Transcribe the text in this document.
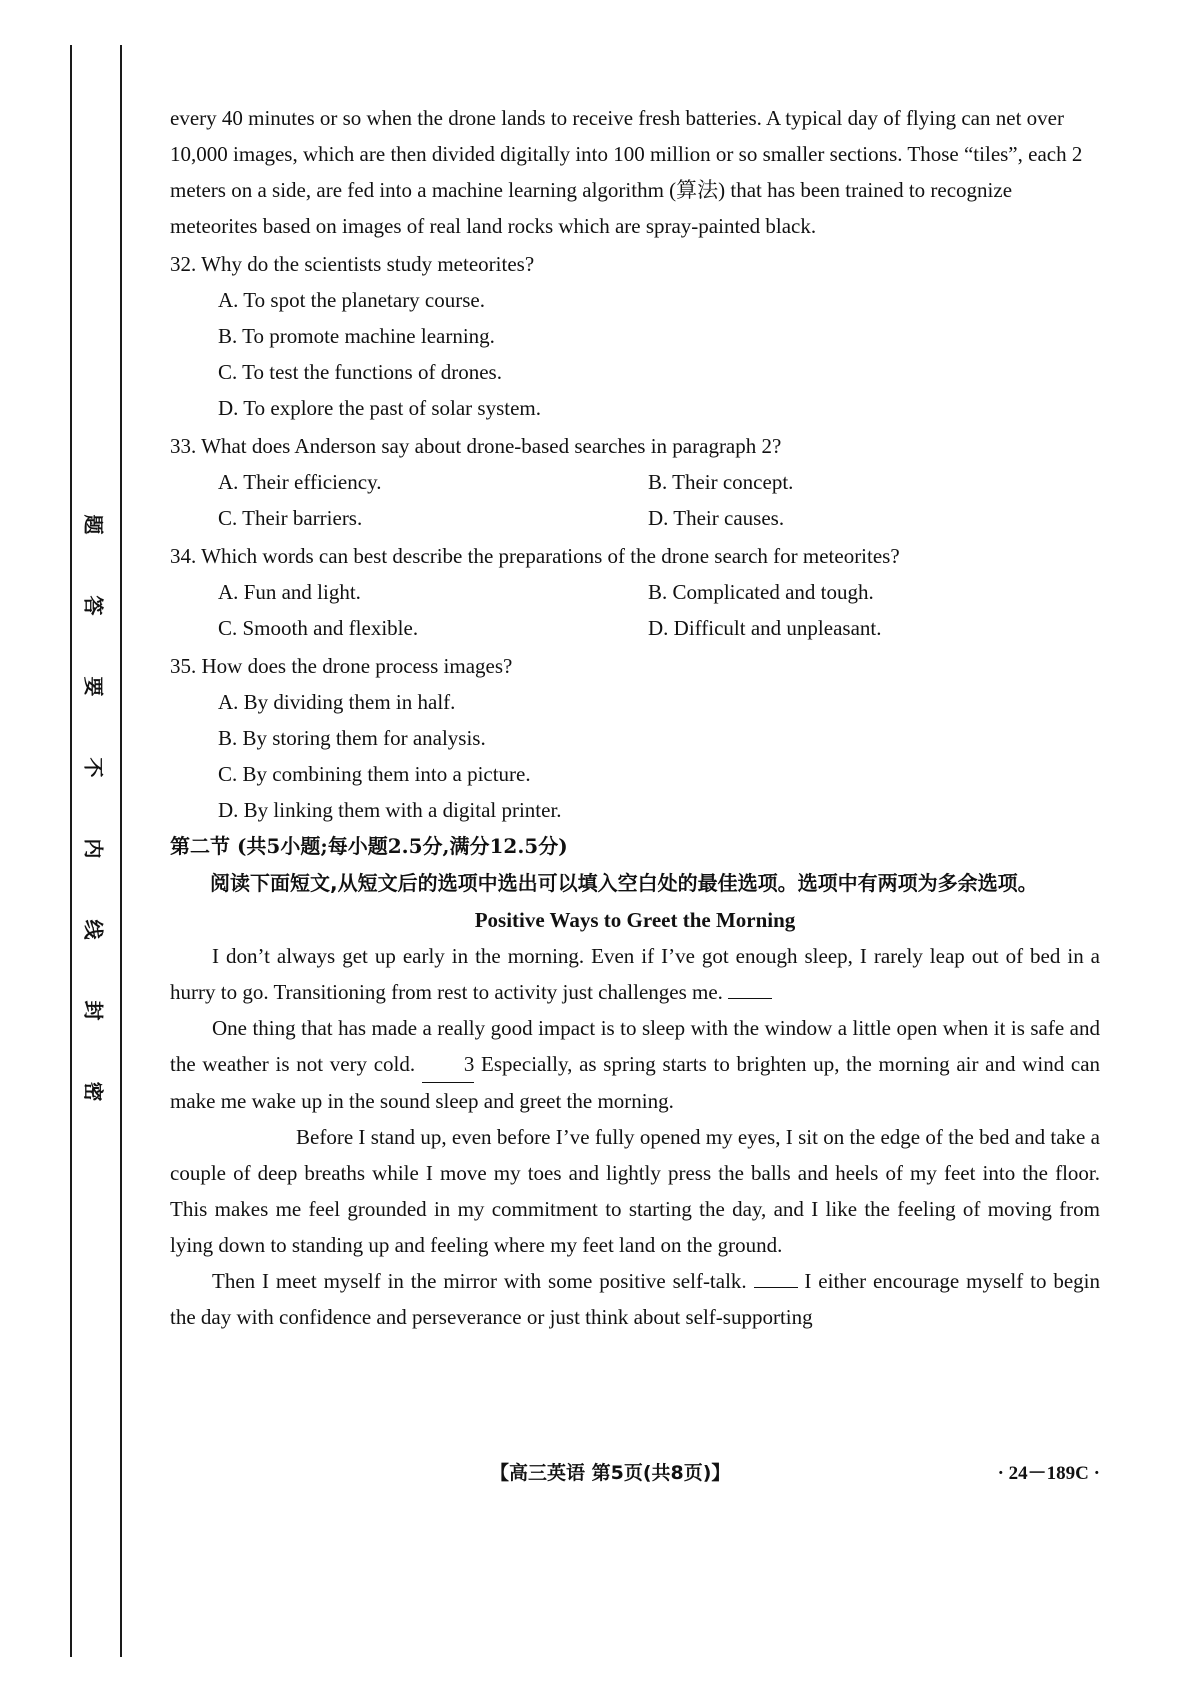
题
答
要
不
内
线
封
密

every 40 minutes or so when the drone lands to receive fresh batteries. A typical day of flying can net over 10,000 images, which are then divided digitally into 100 million or so smaller sections. Those “tiles”, each 2 meters on a side, are fed into a machine learning algorithm (算法) that has been trained to recognize meteorites based on images of real land rocks which are spray-painted black.

32. Why do the scientists study meteorites?

A. To spot the planetary course.
B. To promote machine learning.
C. To test the functions of drones.
D. To explore the past of solar system.

33. What does Anderson say about drone-based searches in paragraph 2?

A. Their efficiency.	B. Their concept.
C. Their barriers.	D. Their causes.

34. Which words can best describe the preparations of the drone search for meteorites?

A. Fun and light.	B. Complicated and tough.
C. Smooth and flexible.	D. Difficult and unpleasant.

35. How does the drone process images?

A. By dividing them in half.
B. By storing them for analysis.
C. By combining them into a picture.
D. By linking them with a digital printer.

第二节 (共5小题;每小题2.5分,满分12.5分)

阅读下面短文,从短文后的选项中选出可以填入空白处的最佳选项。选项中有两项为多余选项。

Positive Ways to Greet the Morning

I don’t always get up early in the morning. Even if I’ve got enough sleep, I rarely leap out of bed in a hurry to go. Transitioning from rest to activity just challenges me.

One thing that has made a really good impact is to sleep with the window a little open when it is safe and the weather is not very cold. 3 Especially, as spring starts to brighten up, the morning air and wind can make me wake up in the sound sleep and greet the morning.

Before I stand up, even before I’ve fully opened my eyes, I sit on the edge of the bed and take a couple of deep breaths while I move my toes and lightly press the balls and heels of my feet into the floor. This makes me feel grounded in my commitment to starting the day, and I like the feeling of moving from lying down to standing up and feeling where my feet land on the ground.

Then I meet myself in the mirror with some positive self-talk.	I either encourage myself to begin the day with confidence and perseverance or just think about self-supporting

【高三英语 第5页(共8页)】	· 24－189C ·
